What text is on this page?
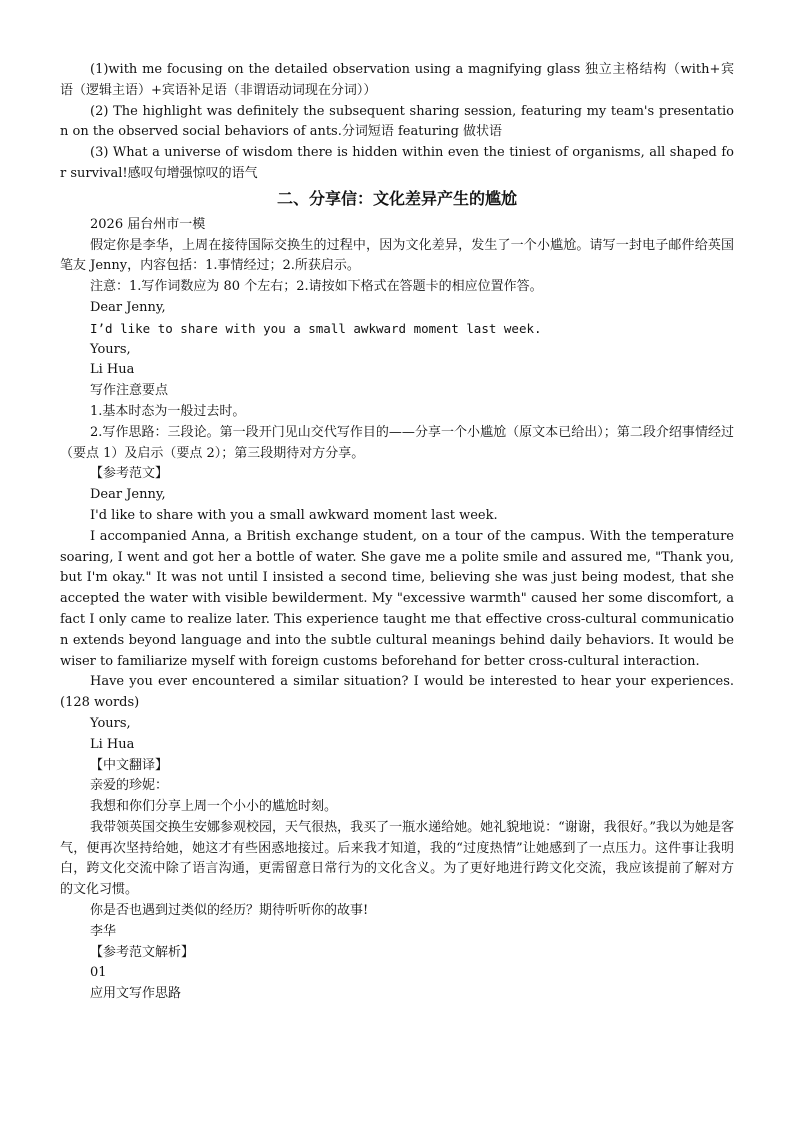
(1)with me focusing on the detailed observation using a magnifying glass 独立主格结构（with+宾语（逻辑主语）+宾语补足语（非谓语动词现在分词））

(2) The highlight was definitely the subsequent sharing session, featuring my team's presentation on the observed social behaviors of ants.分词短语 featuring 做状语

(3) What a universe of wisdom there is hidden within even the tiniest of organisms, all shaped for survival!感叹句增强惊叹的语气

二、分享信：文化差异产生的尴尬

2026 届台州市一模

假定你是李华，上周在接待国际交换生的过程中，因为文化差异，发生了一个小尴尬。请写一封电子邮件给英国笔友 Jenny，内容包括：1.事情经过；2.所获启示。

注意：1.写作词数应为 80 个左右；2.请按如下格式在答题卡的相应位置作答。

Dear Jenny,

I’d like to share with you a small awkward moment last week.

Yours,

Li Hua

写作注意要点

1.基本时态为一般过去时。

2.写作思路：三段论。第一段开门见山交代写作目的——分享一个小尴尬（原文本已给出）；第二段介绍事情经过（要点 1）及启示（要点 2）；第三段期待对方分享。

【参考范文】

Dear Jenny,

I'd like to share with you a small awkward moment last week.

I accompanied Anna, a British exchange student, on a tour of the campus. With the temperature soaring, I went and got her a bottle of water. She gave me a polite smile and assured me, "Thank you, but I'm okay." It was not until I insisted a second time, believing she was just being modest, that she accepted the water with visible bewilderment. My "excessive warmth" caused her some discomfort, a fact I only came to realize later. This experience taught me that effective cross-cultural communication extends beyond language and into the subtle cultural meanings behind daily behaviors. It would be wiser to familiarize myself with foreign customs beforehand for better cross-cultural interaction.

Have you ever encountered a similar situation? I would be interested to hear your experiences. (128 words)

Yours,

Li Hua

【中文翻译】

亲爱的珍妮：

我想和你们分享上周一个小小的尴尬时刻。

我带领英国交换生安娜参观校园，天气很热，我买了一瓶水递给她。她礼貌地说：“谢谢，我很好。”我以为她是客气，便再次坚持给她，她这才有些困惑地接过。后来我才知道，我的“过度热情”让她感到了一点压力。这件事让我明白，跨文化交流中除了语言沟通，更需留意日常行为的文化含义。为了更好地进行跨文化交流，我应该提前了解对方的文化习惯。

你是否也遇到过类似的经历？期待听听你的故事!

李华

【参考范文解析】

01

应用文写作思路
